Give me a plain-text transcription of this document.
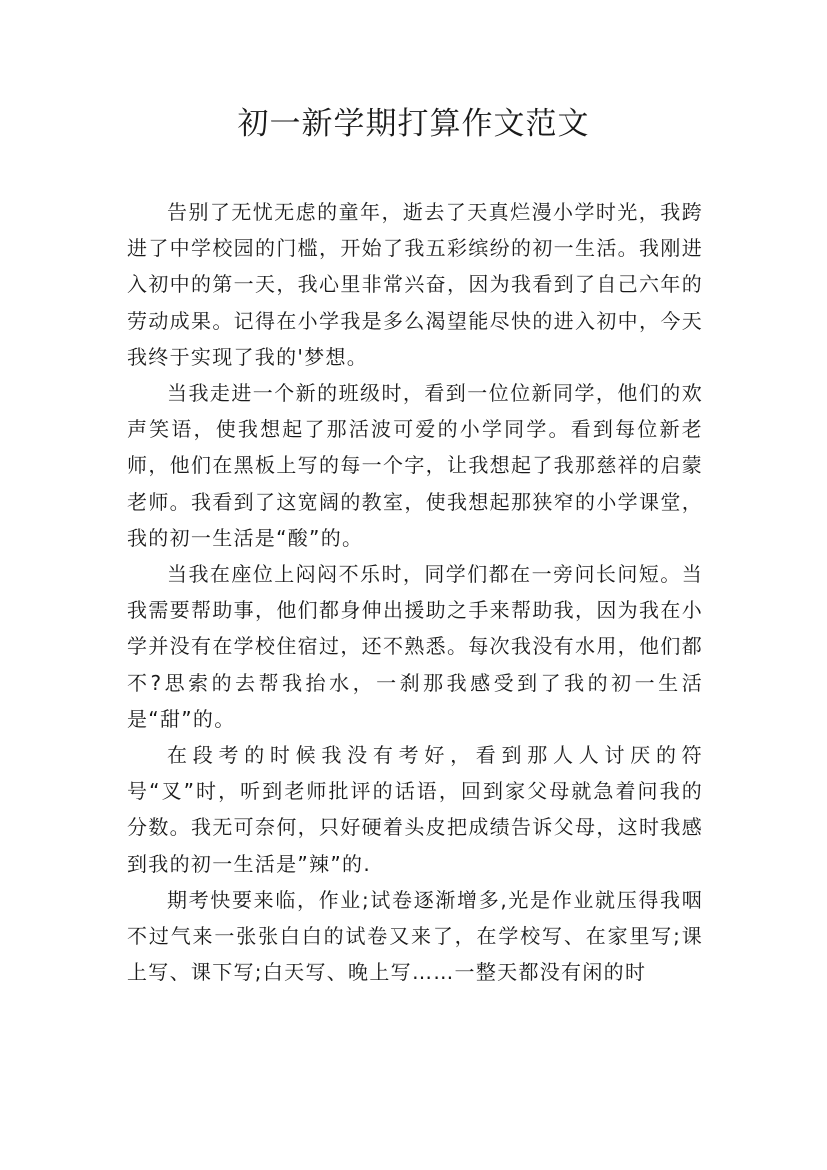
初一新学期打算作文范文

告别了无忧无虑的童年，逝去了天真烂漫小学时光，我跨进了中学校园的门槛，开始了我五彩缤纷的初一生活。我刚进入初中的第一天，我心里非常兴奋，因为我看到了自己六年的劳动成果。记得在小学我是多么渴望能尽快的进入初中，今天我终于实现了我的'梦想。

当我走进一个新的班级时，看到一位位新同学，他们的欢声笑语，使我想起了那活波可爱的小学同学。看到每位新老师，他们在黑板上写的每一个字，让我想起了我那慈祥的启蒙老师。我看到了这宽阔的教室，使我想起那狭窄的小学课堂，我的初一生活是“酸”的。

当我在座位上闷闷不乐时，同学们都在一旁问长问短。当我需要帮助事，他们都身伸出援助之手来帮助我，因为我在小学并没有在学校住宿过，还不熟悉。每次我没有水用，他们都不?思索的去帮我抬水，一刹那我感受到了我的初一生活是“甜”的。

在段考的时候我没有考好，看到那人人讨厌的符号“叉”时，听到老师批评的话语，回到家父母就急着问我的分数。我无可奈何，只好硬着头皮把成绩告诉父母，这时我感到我的初一生活是”辣”的.

期考快要来临，作业;试卷逐渐增多,光是作业就压得我咽不过气来一张张白白的试卷又来了，在学校写、在家里写;课上写、课下写;白天写、晚上写……一整天都没有闲的时
